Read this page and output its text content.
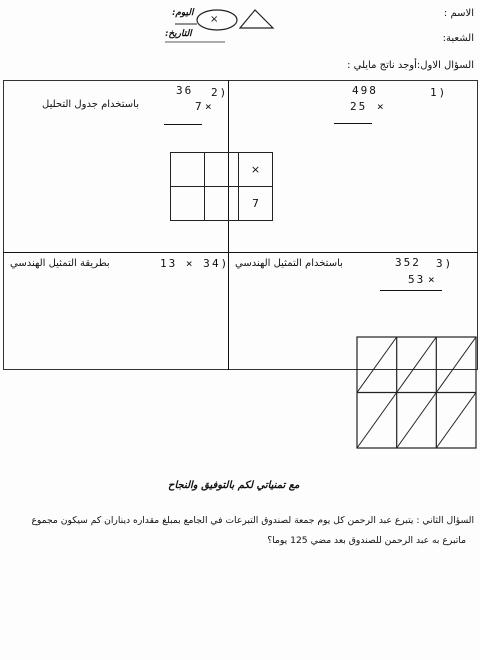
الاسم :
الشعبة:
×
اليوم:
التاريخ:
السؤال الاول:أوجد ناتج مايلي :
1)
498
25 ×
2)
36
7 ×
باستخدام جدول التحليل
		×
		7
3)
352
53 ×
باستخدام التمثيل الهندسي
4)
13 × 3
بطريقة التمثيل الهندسي
مع تمنياتي لكم بالتوفيق والنجاح
السؤال الثاني : يتبرع عبد الرحمن كل يوم جمعة لصندوق التبرعات في الجامع بمبلغ مقداره ديناران كم سيكون مجموع
ماتبرع به عبد الرحمن للصندوق بعد مضي 125 يوما؟
